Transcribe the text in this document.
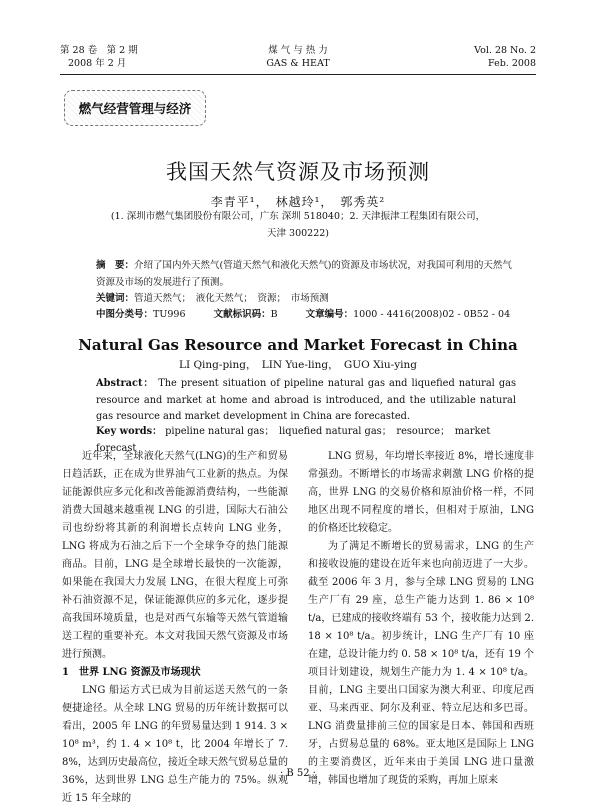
第 28 卷　第 2 期
2008 年 2 月
煤 气 与 热 力
GAS & HEAT
Vol. 28 No. 2
Feb. 2008
燃气经营管理与经济
我国天然气资源及市场预测
李青平¹，　林越玲¹，　郭秀英²
(1. 深圳市燃气集团股份有限公司，广东 深圳 518040；2. 天津振津工程集团有限公司，
天津 300222)
摘　要：介绍了国内外天然气(管道天然气和液化天然气)的资源及市场状况，对我国可利用的天然气资源及市场的发展进行了预测。
关键词：管道天然气；　液化天然气；　资源；　市场预测
中图分类号：TU996	文献标识码：B	文章编号：1000 - 4416(2008)02 - 0B52 - 04
Natural Gas Resource and Market Forecast in China
LI Qing-ping，　LIN Yue-ling，　GUO Xiu-ying
Abstract： The present situation of pipeline natural gas and liquefied natural gas resource and market at home and abroad is introduced, and the utilizable natural gas resource and market development in China are forecasted.
Key words： pipeline natural gas；　liquefied natural gas；　resource；　market forecast

近年来，全球液化天然气(LNG)的生产和贸易日趋活跃，正在成为世界油气工业新的热点。为保证能源供应多元化和改善能源消费结构，一些能源消费大国越来越重视 LNG 的引进，国际大石油公司也纷纷将其新的利润增长点转向 LNG 业务，LNG 将成为石油之后下一个全球争夺的热门能源商品。目前，LNG 是全球增长最快的一次能源，如果能在我国大力发展 LNG，在很大程度上可弥补石油资源不足，保证能源供应的多元化，逐步提高我国环境质量，也是对西气东输等天然气管道输送工程的重要补充。本文对我国天然气资源及市场进行预测。

1　世界 LNG 资源及市场现状

LNG 船运方式已成为目前运送天然气的一条便捷途径。从全球 LNG 贸易的历年统计数据可以看出，2005 年 LNG 的年贸易量达到 1 914. 3 × 10⁸ m³，约 1. 4 × 10⁸ t，比 2004 年增长了 7. 8%，达到历史最高位，接近全球天然气贸易总量的 36%，达到世界 LNG 总生产能力的 75%。纵观近 15 年全球的

LNG 贸易，年均增长率接近 8%，增长速度非常强劲。不断增长的市场需求刺激 LNG 价格的提高，世界 LNG 的交易价格和原油价格一样，不同地区出现不同程度的增长，但相对于原油，LNG 的价格还比较稳定。

为了满足不断增长的贸易需求，LNG 的生产和接收设施的建设在近年来也向前迈进了一大步。截至 2006 年 3 月，参与全球 LNG 贸易的 LNG 生产厂有 29 座，总生产能力达到 1. 86 × 10⁸ t/a，已建成的接收终端有 53 个，接收能力达到 2. 18 × 10⁸ t/a。初步统计，LNG 生产厂有 10 座在建，总设计能力约 0. 58 × 10⁸ t/a，还有 19 个项目计划建设，规划生产能力为 1. 4 × 10⁸ t/a。目前，LNG 主要出口国家为澳大利亚、印度尼西亚、马来西亚、阿尔及利亚、特立尼达和多巴哥。LNG 消费量排前三位的国家是日本、韩国和西班牙，占贸易总量的 68%。亚太地区是国际上 LNG 的主要消费区，近年来由于美国 LNG 进口量激增，韩国也增加了现货的采购，再加上原来

· B 52 ·
